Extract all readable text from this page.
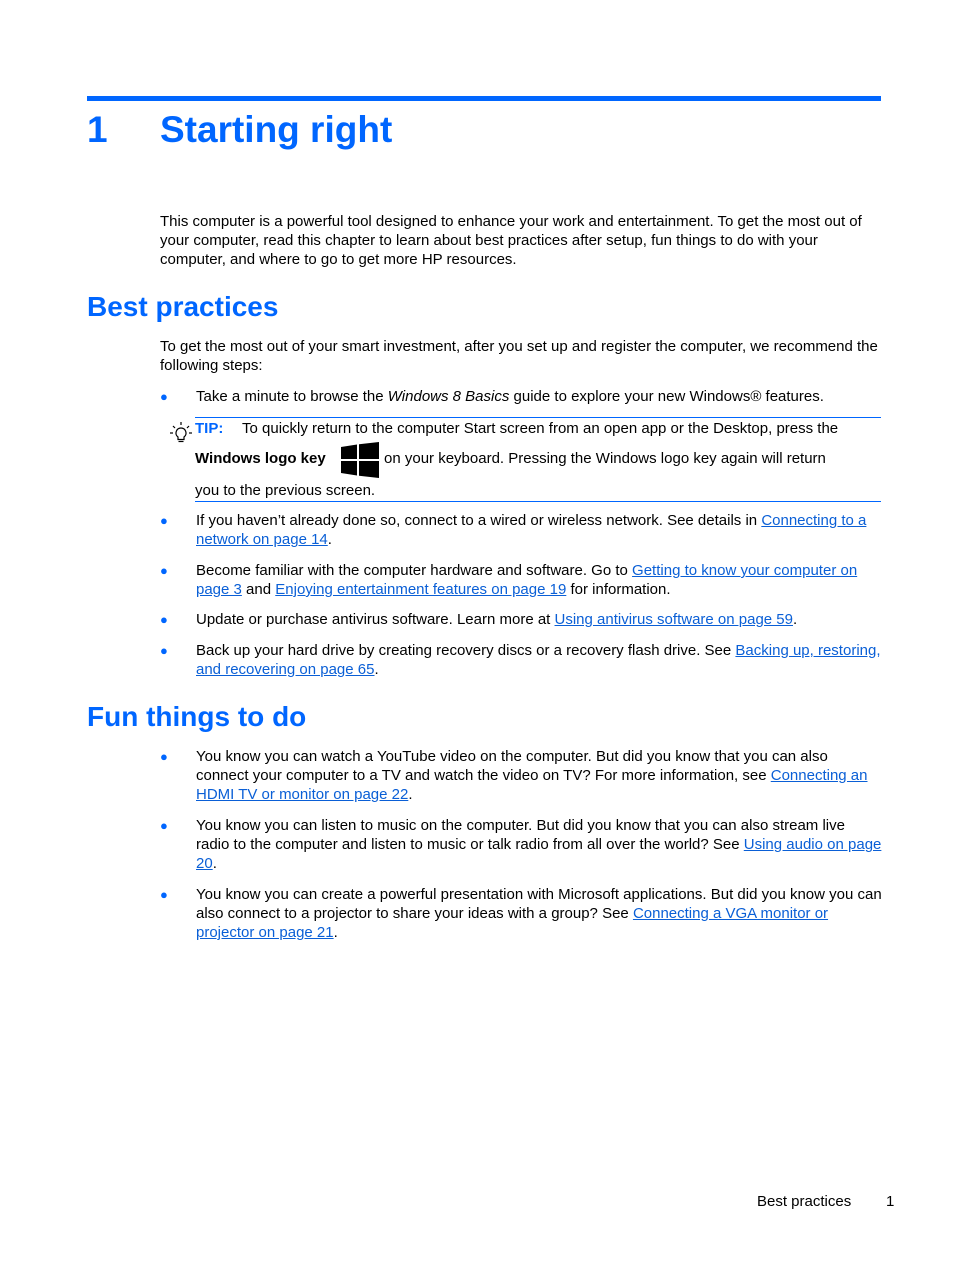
1 Starting right
This computer is a powerful tool designed to enhance your work and entertainment. To get the most out of your computer, read this chapter to learn about best practices after setup, fun things to do with your computer, and where to go to get more HP resources.
Best practices
To get the most out of your smart investment, after you set up and register the computer, we recommend the following steps:
● Take a minute to browse the Windows 8 Basics guide to explore your new Windows® features.
TIP: To quickly return to the computer Start screen from an open app or the Desktop, press the
Windows logo key	on your keyboard. Pressing the Windows logo key again will return
you to the previous screen.
● If you haven’t already done so, connect to a wired or wireless network. See details in Connecting to a network on page 14.
● Become familiar with the computer hardware and software. Go to Getting to know your computer on page 3 and Enjoying entertainment features on page 19 for information.
● Update or purchase antivirus software. Learn more at Using antivirus software on page 59.
● Back up your hard drive by creating recovery discs or a recovery flash drive. See Backing up, restoring, and recovering on page 65.
Fun things to do
● You know you can watch a YouTube video on the computer. But did you know that you can also connect your computer to a TV and watch the video on TV? For more information, see Connecting an HDMI TV or monitor on page 22.
● You know you can listen to music on the computer. But did you know that you can also stream live radio to the computer and listen to music or talk radio from all over the world? See Using audio on page 20.
● You know you can create a powerful presentation with Microsoft applications. But did you know you can also connect to a projector to share your ideas with a group? See Connecting a VGA monitor or projector on page 21.
Best practices 1
